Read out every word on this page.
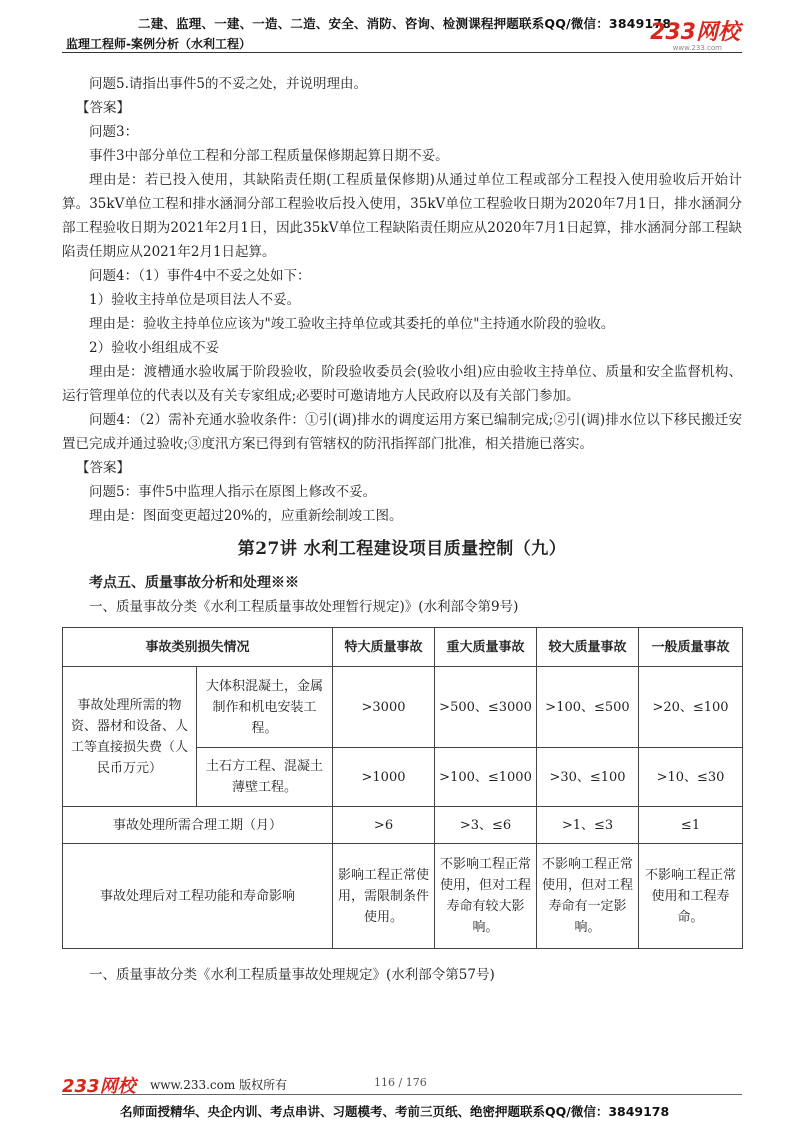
二建、监理、一建、一造、二造、安全、消防、咨询、检测课程押题联系QQ/微信：3849178
监理工程师-案例分析（水利工程）	233网校
www.233.com

问题5.请指出事件5的不妥之处，并说明理由。

【答案】

问题3：

事件3中部分单位工程和分部工程质量保修期起算日期不妥。

理由是：若已投入使用，其缺陷责任期(工程质量保修期)从通过单位工程或部分工程投入使用验收后开始计算。35kV单位工程和排水涵洞分部工程验收后投入使用，35kV单位工程验收日期为2020年7月1日，排水涵洞分部工程验收日期为2021年2月1日，因此35kV单位工程缺陷责任期应从2020年7月1日起算，排水涵洞分部工程缺陷责任期应从2021年2月1日起算。

问题4：（1）事件4中不妥之处如下：

1）验收主持单位是项目法人不妥。

理由是：验收主持单位应该为"竣工验收主持单位或其委托的单位"主持通水阶段的验收。

2）验收小组组成不妥

理由是：渡槽通水验收属于阶段验收，阶段验收委员会(验收小组)应由验收主持单位、质量和安全监督机构、运行管理单位的代表以及有关专家组成;必要时可邀请地方人民政府以及有关部门参加。

问题4：（2）需补充通水验收条件：①引(调)排水的调度运用方案已编制完成;②引(调)排水位以下移民搬迁安置已完成并通过验收;③度汛方案已得到有管辖权的防汛指挥部门批准，相关措施已落实。

【答案】

问题5：事件5中监理人指示在原图上修改不妥。

理由是：图面变更超过20%的，应重新绘制竣工图。

第27讲 水利工程建设项目质量控制（九）

考点五、质量事故分析和处理※※

一、质量事故分类《水利工程质量事故处理暂行规定)》(水利部令第9号)

事故类别损失情况		特大质量事故	重大质量事故	较大质量事故	一般质量事故
事故处理所需的物资、器材和设备、人工等直接损失费（人民币万元）	大体积混凝土，金属制作和机电安装工程。	>3000	>500、≤3000	>100、≤500	>20、≤100
	土石方工程、混凝土薄壁工程。	>1000	>100、≤1000	>30、≤100	>10、≤30
事故处理所需合理工期（月）		>6	>3、≤6	>1、≤3	≤1
事故处理后对工程功能和寿命影响		影响工程正常使用，需限制条件使用。	不影响工程正常使用，但对工程寿命有较大影响。	不影响工程正常使用，但对工程寿命有一定影响。	不影响工程正常使用和工程寿命。

一、质量事故分类《水利工程质量事故处理规定》(水利部令第57号)

233网校 www.233.com 版权所有	116 / 176
名师面授精华、央企内训、考点串讲、习题模考、考前三页纸、绝密押题联系QQ/微信：3849178
